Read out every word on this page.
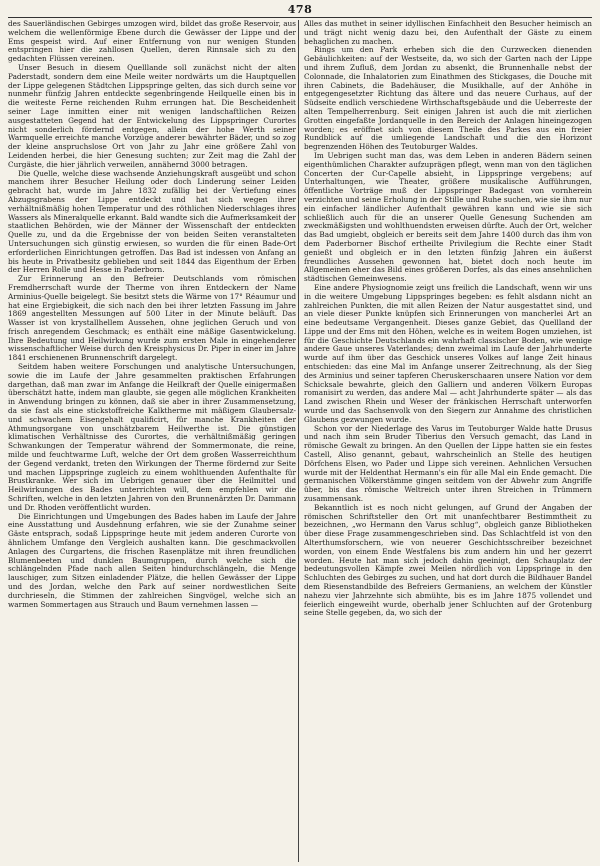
478

des Sauerländischen Gebirges umzogen wird, bildet das große Reservoir, aus welchem die wellenförmige Ebene durch die Gewässer der Lippe und der Ems gespeist wird. Auf einer Entfernung von nur wenigen Stunden entspringen hier die zahllosen Quellen, deren Rinnsale sich zu den gedachten Flüssen vereinen.

Unser Besuch in diesem Quelllande soll zunächst nicht der alten Paderstadt, sondern dem eine Meile weiter nordwärts um die Hauptquellen der Lippe gelegenen Städtchen Lippspringe gelten, das sich durch seine vor nunmehr fünfzig Jahren entdeckte segenbringende Heilquelle einen bis in die weiteste Ferne reichenden Ruhm errungen hat. Die Bescheidenheit seiner Lage inmitten einer mit wenigen landschaftlichen Reizen ausgestatteten Gegend hat der Entwickelung des Lippspringer Curortes nicht sonderlich fördernd entgegen, allein der hohe Werth seiner Warmquelle erreichte manche Vorzüge anderer bewährter Bäder, und so zog der kleine anspruchslose Ort von Jahr zu Jahr eine größere Zahl von Leidenden herbei, die hier Genesung suchten; zur Zeit mag die Zahl der Curgäste, die hier jährlich verweilen, annähernd 3000 betragen.

Die Quelle, welche diese wachsende Anziehungskraft ausgeübt und schon manchem ihrer Besucher Heilung oder doch Linderung seiner Leiden gebracht hat, wurde im Jahre 1832 zufällig bei der Vertiefung eines Abzugsgrabens der Lippe entdeckt und hat sich wegen ihrer verhältnißmäßig hohen Temperatur und des röthlichen Niederschlages ihres Wassers als Mineralquelle erkannt. Bald wandte sich die Aufmerksamkeit der staatlichen Behörden, wie der Männer der Wissenschaft der entdeckten Quelle zu, und da die Ergebnisse der von beiden Seiten veranstalteten Untersuchungen sich günstig erwiesen, so wurden die für einen Bade-Ort erforderlichen Einrichtungen getroffen. Das Bad ist indessen von Anfang an bis heute in Privatbesitz geblieben und seit 1844 das Eigenthum der Erben der Herren Rolle und Hesse in Paderborn.

Zur Erinnerung an den Befreier Deutschlands vom römischen Fremdherrschaft wurde der Therme von ihren Entdeckern der Name Arminius-Quelle beigelegt. Sie besitzt stets die Wärme von 17° Réaumur und hat eine Ergiebigkeit, die sich nach den bei ihrer letzten Fassung im Jahre 1869 angestellten Messungen auf 500 Liter in der Minute beläuft. Das Wasser ist von krystallhellem Aussehen, ohne jeglichen Geruch und von frisch anregendem Geschmack; es enthält eine mäßige Gasentwickelung. Ihre Bedeutung und Heilwirkung wurde zum ersten Male in eingehenderer wissenschaftlicher Weise durch den Kreisphysicus Dr. Piper in einer im Jahre 1841 erschienenen Brunnenschrift dargelegt.

Seitdem haben weitere Forschungen und analytische Untersuchungen, sowie die im Laufe der Jahre gesammelten praktischen Erfahrungen dargethan, daß man zwar im Anfange die Heilkraft der Quelle einigermaßen überschätzt hatte, indem man glaubte, sie gegen alle möglichen Krankheiten in Anwendung bringen zu können, daß sie aber in ihrer Zusammensetzung, da sie fast als eine stickstoffreiche Kalktherme mit mäßigem Glaubersalz- und schwachem Eisengehalt qualificirt, für manche Krankheiten der Athmungsorgane von unschätzbarem Heilwerthe ist. Die günstigen klimatischen Verhältnisse des Curortes, die verhältnißmäßig geringen Schwankungen der Temperatur während der Sommermonate, die reine, milde und feuchtwarme Luft, welche der Ort dem großen Wasserreichthum der Gegend verdankt, treten den Wirkungen der Therme fördernd zur Seite und machen Lippspringe zugleich zu einem wohlthuenden Aufenthalte für Brustkranke. Wer sich im Uebrigen genauer über die Heilmittel und Heilwirkungen des Bades unterrichten will, dem empfehlen wir die Schriften, welche in den letzten Jahren von den Brunnenärzten Dr. Dammann und Dr. Rhoden veröffentlicht wurden.

Die Einrichtungen und Umgebungen des Bades haben im Laufe der Jahre eine Ausstattung und Ausdehnung erfahren, wie sie der Zunahme seiner Gäste entsprach, sodaß Lippspringe heute mit jedem anderen Curorte von ähnlichem Umfange den Vergleich aushalten kann. Die geschmackvollen Anlagen des Curgartens, die frischen Rasenplätze mit ihren freundlichen Blumenbeeten und dunklen Baumgruppen, durch welche sich die schlängelnden Pfade nach allen Seiten hindurchschlängeln, die Menge lauschiger, zum Sitzen einladender Plätze, die hellen Gewässer der Lippe und des Jordan, welche den Park auf seiner nordwestlichen Seite durchrieseln, die Stimmen der zahlreichen Singvögel, welche sich an warmen Sommertagen aus Strauch und Baum vernehmen lassen —

Alles das muthet in seiner idyllischen Einfachheit den Besucher heimisch an und trägt nicht wenig dazu bei, den Aufenthalt der Gäste zu einem behaglichen zu machen.

Rings um den Park erheben sich die den Curzwecken dienenden Gebäulichkeiten: auf der Westseite, da, wo sich der Garten nach der Lippe und ihrem Zufluß, dem Jordan zu absenkt, die Brunnenhalle nebst der Colonnade, die Inhalatorien zum Einathmen des Stickgases, die Douche mit ihren Cabinets, die Badehäuser, die Musikhalle, auf der Anhöhe in entgegengesetzter Richtung das ältere und das neuere Curhaus, auf der Südseite endlich verschiedene Wirthschaftsgebäude und die Ueberreste der alten Tempelherrenburg. Seit einigen Jahren ist auch die mit zierlichen Grotten eingefaßte Jordanquelle in den Bereich der Anlagen hineingezogen worden; es eröffnet sich von diesem Theile des Parkes aus ein freier Rundblick auf die umliegende Landschaft und die den Horizont begrenzenden Höhen des Teutoburger Waldes.

Im Uebrigen sucht man das, was dem Leben in anderen Bädern seinen eigenthümlichen Charakter aufzuprägen pflegt, wenn man von den täglichen Concerten der Cur-Capelle absieht, in Lippspringe vergebens; auf Unterhaltungen, wie Theater, größere musikalische Aufführungen, öffentliche Vorträge muß der Lippspringer Badegast von vornherein verzichten und seine Erholung in der Stille und Ruhe suchen, wie sie ihm nur ein einfacher ländlicher Aufenthalt gewähren kann und wie sie sich schließlich auch für die an unserer Quelle Genesung Suchenden am zweckmäßigsten und wohlthuendsten erweisen dürfte. Auch der Ort, welcher das Bad umgiebt, obgleich er bereits seit dem Jahre 1400 durch das ihm von dem Paderborner Bischof ertheilte Privilegium die Rechte einer Stadt genießt und obgleich er in den letzten fünfzig Jahren ein äußerst freundliches Aussehen gewonnen hat, bietet doch noch heute im Allgemeinen eher das Bild eines größeren Dorfes, als das eines ansehnlichen städtischen Gemeinwesens.

Eine andere Physiognomie zeigt uns freilich die Landschaft, wenn wir uns in die weitere Umgebung Lippspringes begeben: es fehlt alsdann nicht an zahlreichen Punkten, die mit allen Reizen der Natur ausgestattet sind, und an viele dieser Punkte knüpfen sich Erinnerungen von mancherlei Art an eine bedeutsame Vergangenheit. Dieses ganze Gebiet, das Quellland der Lippe und der Ems mit den Höhen, welche es in weitem Bogen umziehen, ist für die Geschichte Deutschlands ein wahrhaft classischer Boden, wie wenige andere Gaue unseres Vaterlandes; denn zweimal im Laufe der Jahrhunderte wurde auf ihm über das Geschick unseres Volkes auf lange Zeit hinaus entschieden: das eine Mal im Anfange unserer Zeitrechnung, als der Sieg des Arminius und seiner tapferen Cheruskerschaaren unsere Nation vor dem Schicksale bewahrte, gleich den Galliern und anderen Völkern Europas romanisirt zu werden, das andere Mal — acht Jahrhunderte später — als das Land zwischen Rhein und Weser der fränkischen Herrschaft unterworfen wurde und das Sachsenvolk von den Siegern zur Annahme des christlichen Glaubens gezwungen wurde.

Schon vor der Niederlage des Varus im Teutoburger Walde hatte Drusus und nach ihm sein Bruder Tiberius den Versuch gemacht, das Land in römische Gewalt zu bringen. An den Quellen der Lippe hatten sie ein festes Castell, Aliso genannt, gebaut, wahrscheinlich an Stelle des heutigen Dörfchens Elsen, wo Pader und Lippe sich vereinen. Aehnlichen Versuchen wurde mit der Heldenthat Hermann's ein für alle Mal ein Ende gemacht. Die germanischen Völkerstämme gingen seitdem von der Abwehr zum Angriffe über, bis das römische Weltreich unter ihren Streichen in Trümmern zusammensank.

Bekanntlich ist es noch nicht gelungen, auf Grund der Angaben der römischen Schriftsteller den Ort mit unanfechtbarer Bestimmtheit zu bezeichnen, „wo Hermann den Varus schlug“, obgleich ganze Bibliotheken über diese Frage zusammengeschrieben sind. Das Schlachtfeld ist von den Alterthumsforschern, wie von neuerer Geschichtsschreiber bezeichnet worden, von einem Ende Westfalens bis zum andern hin und her gezerrt worden. Heute hat man sich jedoch dahin geeinigt, den Schauplatz der bedeutungsvollen Kämpfe zwei Meilen nördlich von Lippspringe in den Schluchten des Gebirges zu suchen, und hat dort durch die Bildhauer Bandel dem Riesenstandbilde des Befreiers Germaniens, an welchem der Künstler nahezu vier Jahrzehnte sich abmühte, bis es im Jahre 1875 vollendet und feierlich eingeweiht wurde, oberhalb jener Schluchten auf der Grotenburg seine Stelle gegeben, da, wo sich der
